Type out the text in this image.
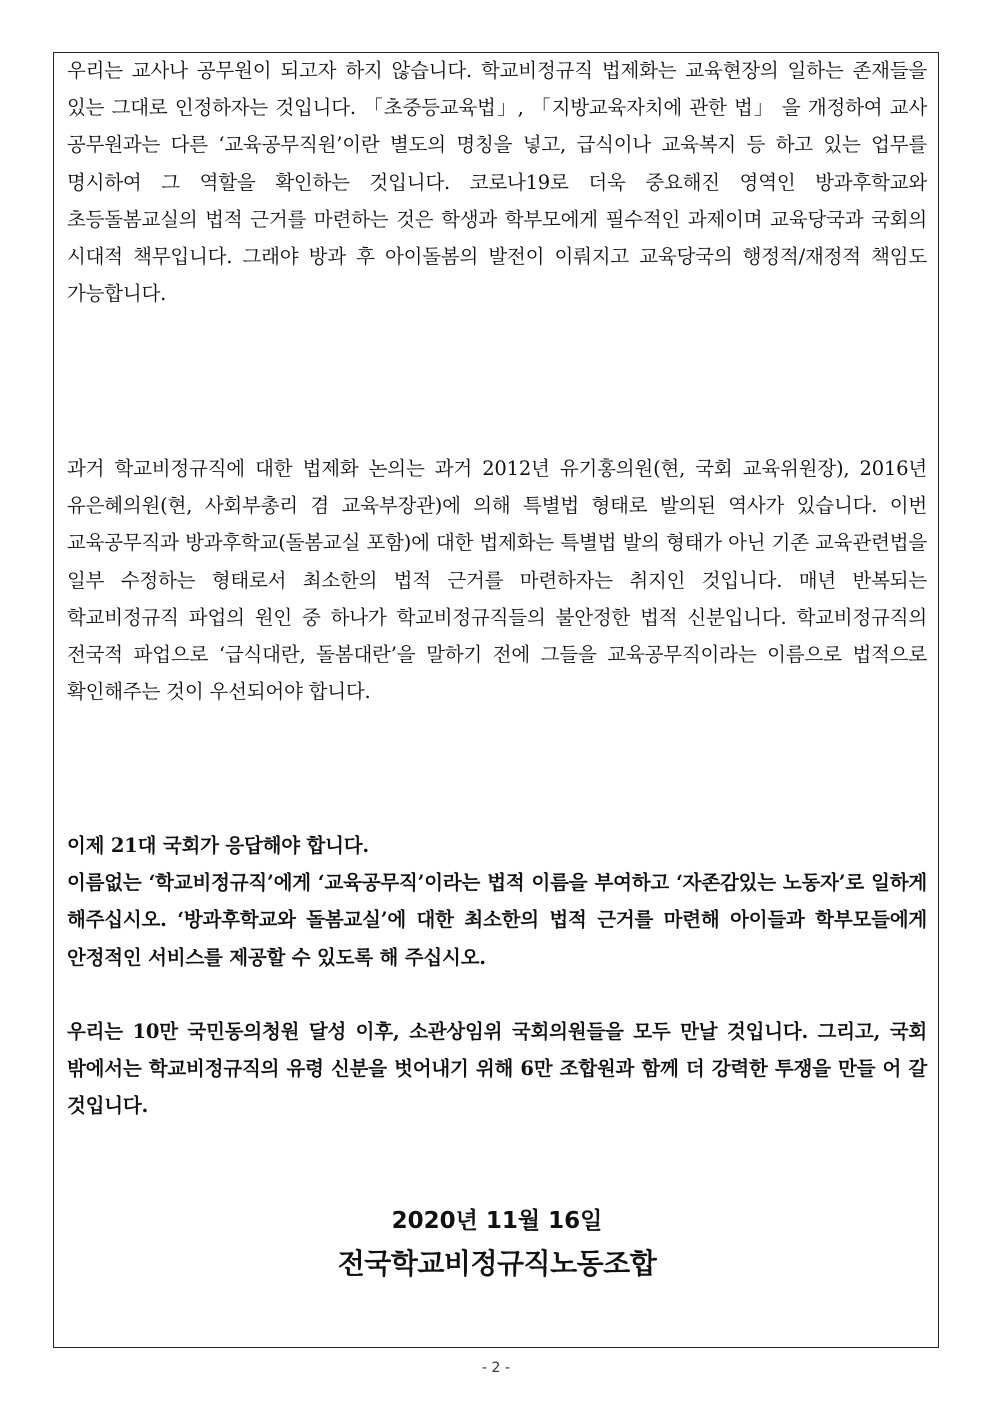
우리는 교사나 공무원이 되고자 하지 않습니다. 학교비정규직 법제화는 교육현장의 일하는 존재들을 있는 그대로 인정하자는 것입니다. 「초중등교육법」, 「지방교육자치에 관한 법」 을 개정하여 교사 공무원과는 다른 ‘교육공무직원’이란 별도의 명칭을 넣고, 급식이나 교육복지 등 하고 있는 업무를 명시하여 그 역할을 확인하는 것입니다. 코로나19로 더욱 중요해진 영역인 방과후학교와 초등돌봄교실의 법적 근거를 마련하는 것은 학생과 학부모에게 필수적인 과제이며 교육당국과 국회의 시대적 책무입니다. 그래야 방과 후 아이돌봄의 발전이 이뤄지고 교육당국의 행정적/재정적 책임도 가능합니다.

과거 학교비정규직에 대한 법제화 논의는 과거 2012년 유기홍의원(현, 국회 교육위원장), 2016년 유은혜의원(현, 사회부총리 겸 교육부장관)에 의해 특별법 형태로 발의된 역사가 있습니다. 이번 교육공무직과 방과후학교(돌봄교실 포함)에 대한 법제화는 특별법 발의 형태가 아닌 기존 교육관련법을 일부 수정하는 형태로서 최소한의 법적 근거를 마련하자는 취지인 것입니다. 매년 반복되는 학교비정규직 파업의 원인 중 하나가 학교비정규직들의 불안정한 법적 신분입니다. 학교비정규직의 전국적 파업으로 ‘급식대란, 돌봄대란’을 말하기 전에 그들을 교육공무직이라는 이름으로 법적으로 확인해주는 것이 우선되어야 합니다.

이제 21대 국회가 응답해야 합니다.
이름없는 ‘학교비정규직’에게 ‘교육공무직’이라는 법적 이름을 부여하고 ‘자존감있는 노동자’로 일하게 해주십시오. ‘방과후학교와 돌봄교실’에 대한 최소한의 법적 근거를 마련해 아이들과 학부모들에게 안정적인 서비스를 제공할 수 있도록 해 주십시오.

우리는 10만 국민동의청원 달성 이후, 소관상임위 국회의원들을 모두 만날 것입니다. 그리고, 국회 밖에서는 학교비정규직의 유령 신분을 벗어내기 위해 6만 조합원과 함께 더 강력한 투쟁을 만들 어 갈 것입니다.

2020년 11월 16일
전국학교비정규직노동조합
- 2 -
